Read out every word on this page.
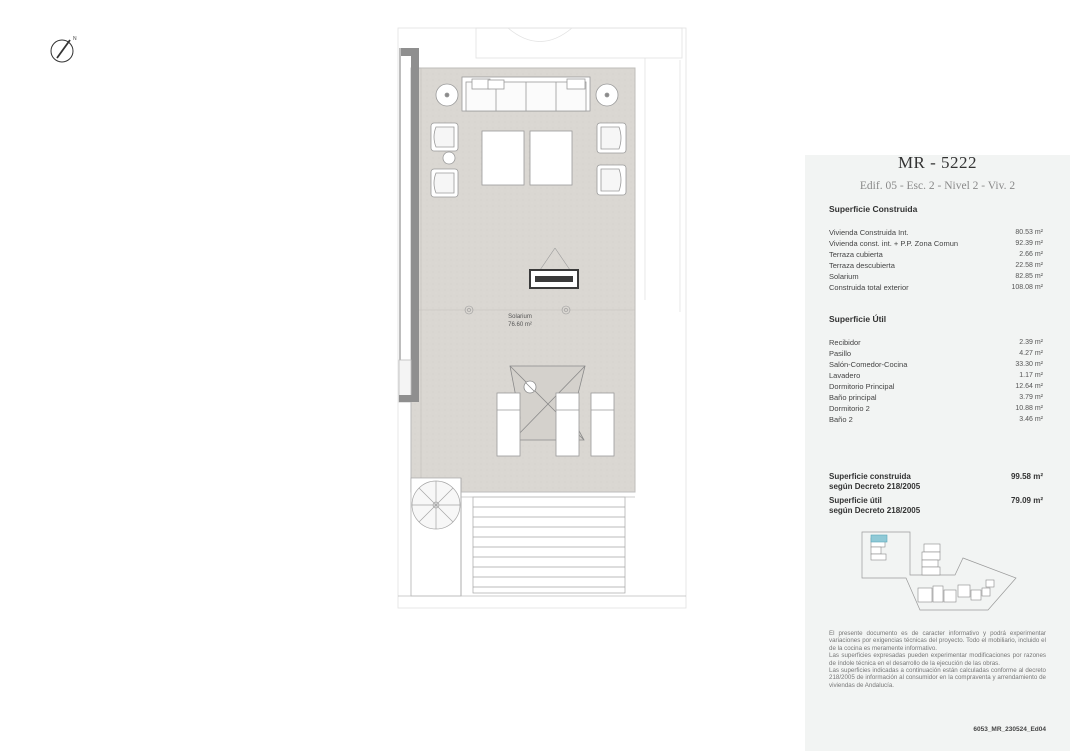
N
Solarium
76.60 m²
MR - 5222
Edif. 05 - Esc. 2 - Nivel 2 - Viv. 2
Superficie Construida
Vivienda Construida Int.	80.53 m²
Vivienda const. int. + P.P. Zona Comun	92.39 m²
Terraza cubierta	2.66 m²
Terraza descubierta	22.58 m²
Solarium	82.85 m²
Construida total exterior	108.08 m²
Superficie Útil
Recibidor	2.39 m²
Pasillo	4.27 m²
Salón-Comedor-Cocina	33.30 m²
Lavadero	1.17 m²
Dormitorio Principal	12.64 m²
Baño principal	3.79 m²
Dormitorio 2	10.88 m²
Baño 2	3.46 m²
Superficie construida
según Decreto 218/2005
99.58 m²
Superficie útil
según Decreto 218/2005
79.09 m²

El presente documento es de caracter informativo y podrá experimentar variaciones por exigencias técnicas del proyecto. Todo el mobiliario, incluido el de la cocina es meramente informativo.

Las superficies expresadas pueden experimentar modificaciones por razones de índole técnica en el desarrollo de la ejecución de las obras.

Las superficies indicadas a continuación están calculadas conforme al decreto 218/2005 de información al consumidor en la compraventa y arrendamiento de viviendas de Andalucía.

6053_MR_230524_Ed04
